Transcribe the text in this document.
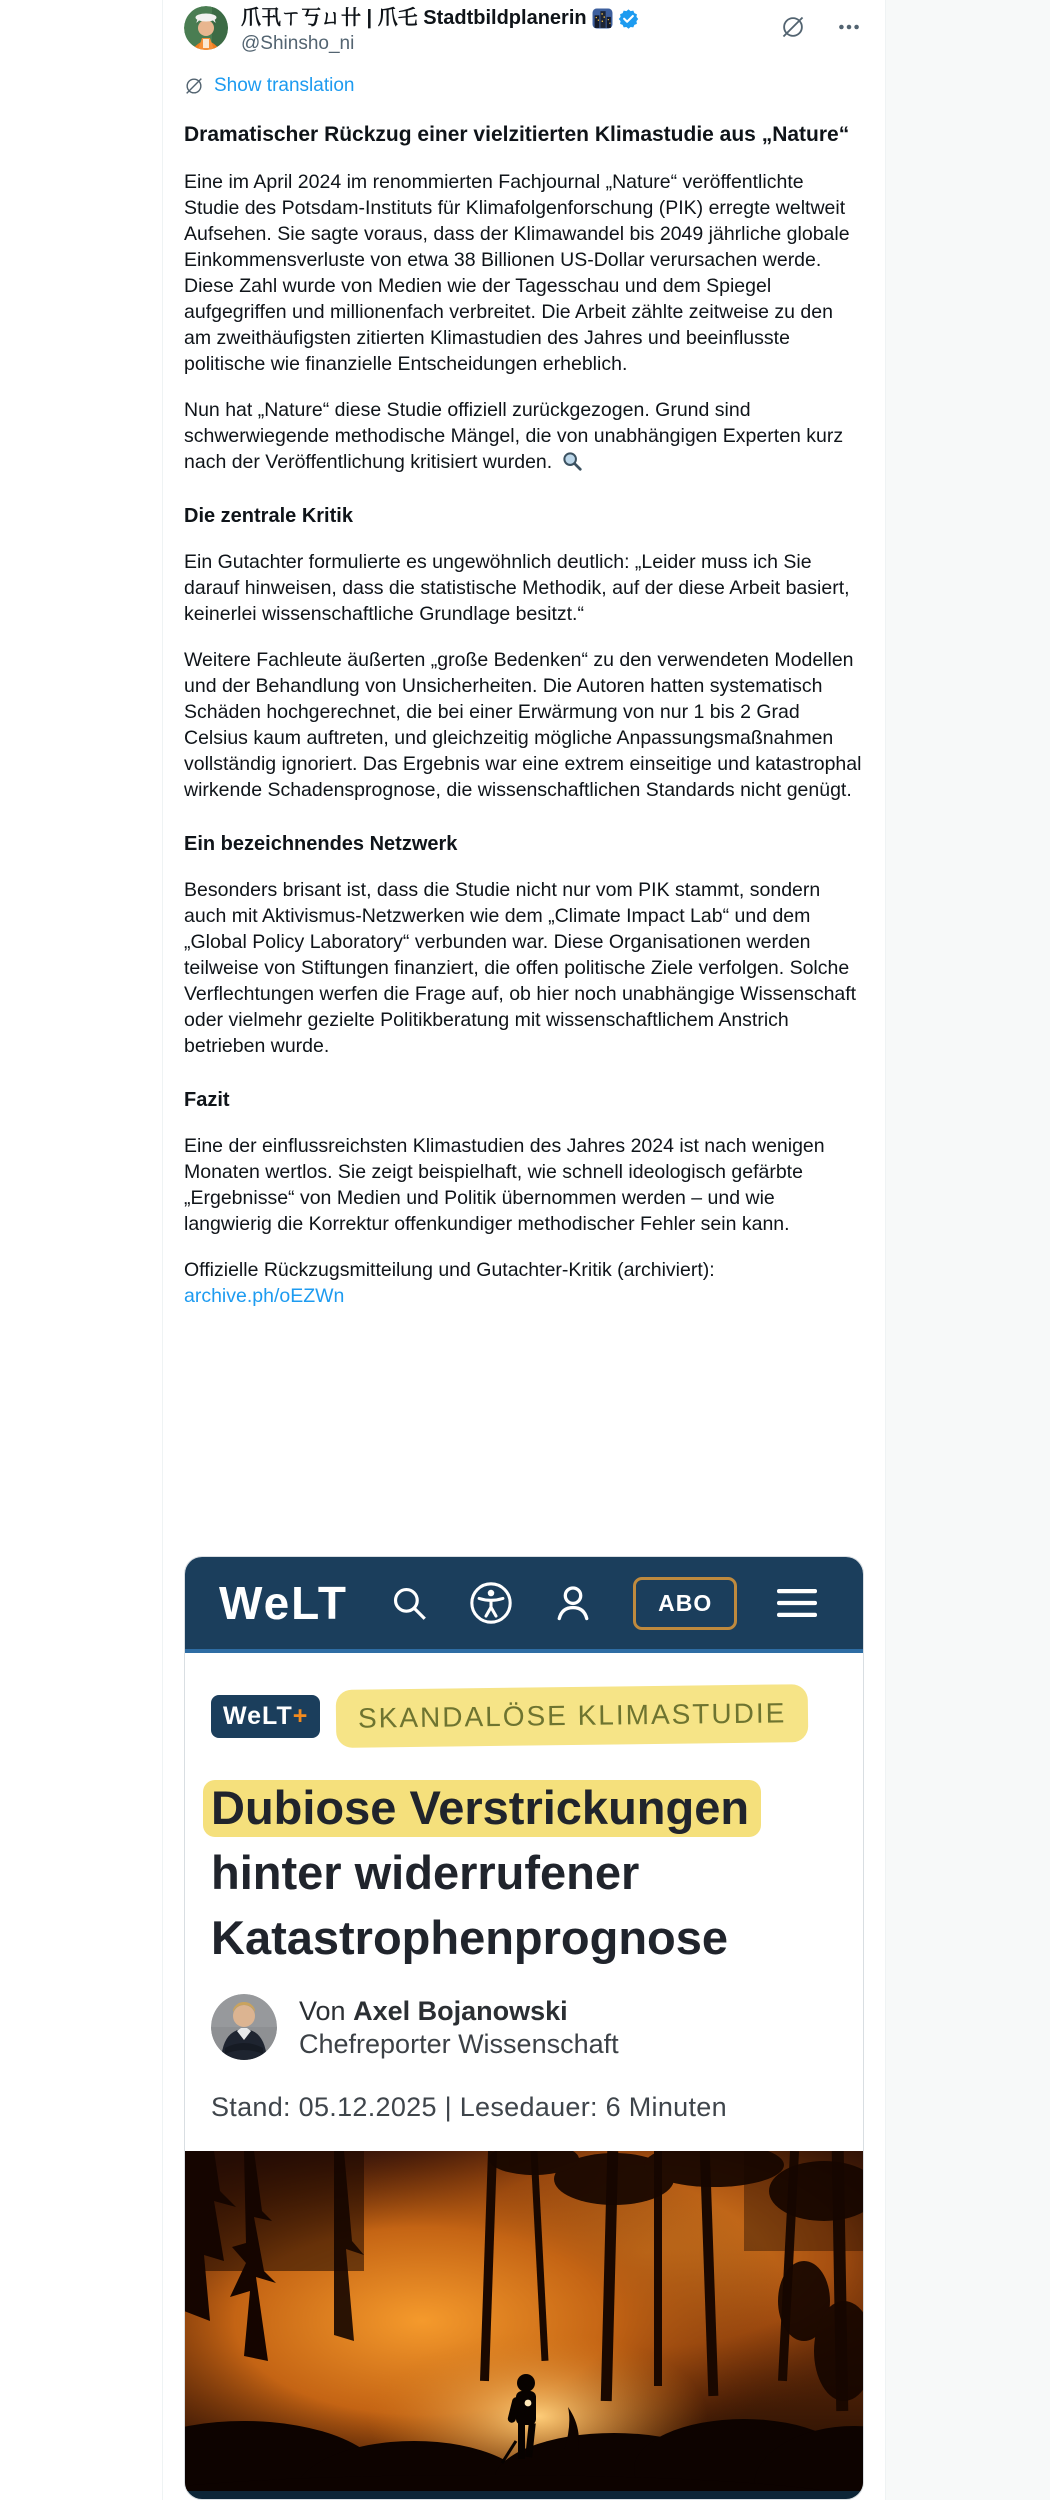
爪卂ㄒ丂ㄩ卄 | 爪乇 Stadtbildplanerin
@Shinsho_ni
Show translation
Dramatischer Rückzug einer vielzitierten Klimastudie aus „Nature“

Eine im April 2024 im renommierten Fachjournal „Nature“ veröffentlichte Studie des Potsdam-Instituts für Klimafolgenforschung (PIK) erregte weltweit Aufsehen. Sie sagte voraus, dass der Klimawandel bis 2049 jährliche globale Einkommensverluste von etwa 38 Billionen US-Dollar verursachen werde. Diese Zahl wurde von Medien wie der Tagesschau und dem Spiegel aufgegriffen und millionenfach verbreitet. Die Arbeit zählte zeitweise zu den am zweithäufigsten zitierten Klimastudien des Jahres und beeinflusste politische wie finanzielle Entscheidungen erheblich.

Nun hat „Nature“ diese Studie offiziell zurückgezogen. Grund sind schwerwiegende methodische Mängel, die von unabhängigen Experten kurz nach der Veröffentlichung kritisiert wurden.

Die zentrale Kritik

Ein Gutachter formulierte es ungewöhnlich deutlich: „Leider muss ich Sie darauf hinweisen, dass die statistische Methodik, auf der diese Arbeit basiert, keinerlei wissenschaftliche Grundlage besitzt.“

Weitere Fachleute äußerten „große Bedenken“ zu den verwendeten Modellen und der Behandlung von Unsicherheiten. Die Autoren hatten systematisch Schäden hochgerechnet, die bei einer Erwärmung von nur 1 bis 2 Grad Celsius kaum auftreten, und gleichzeitig mögliche Anpassungsmaßnahmen vollständig ignoriert. Das Ergebnis war eine extrem einseitige und katastrophal wirkende Schadensprognose, die wissenschaftlichen Standards nicht genügt.

Ein bezeichnendes Netzwerk

Besonders brisant ist, dass die Studie nicht nur vom PIK stammt, sondern auch mit Aktivismus-Netzwerken wie dem „Climate Impact Lab“ und dem „Global Policy Laboratory“ verbunden war. Diese Organisationen werden teilweise von Stiftungen finanziert, die offen politische Ziele verfolgen. Solche Verflechtungen werfen die Frage auf, ob hier noch unabhängige Wissenschaft oder vielmehr gezielte Politikberatung mit wissenschaftlichem Anstrich betrieben wurde.

Fazit

Eine der einflussreichsten Klimastudien des Jahres 2024 ist nach wenigen Monaten wertlos. Sie zeigt beispielhaft, wie schnell ideologisch gefärbte „Ergebnisse“ von Medien und Politik übernommen werden – und wie langwierig die Korrektur offenkundiger methodischer Fehler sein kann.

Offizielle Rückzugsmitteilung und Gutachter-Kritik (archiviert):
archive.ph/oEZWn

WeLT	ABO
WeLT+	SKANDALÖSE KLIMASTUDIE
Dubiose Verstrickungen
hinter widerrufener
Katastrophenprognose
Von Axel Bojanowski
Chefreporter Wissenschaft
Stand: 05.12.2025 | Lesedauer: 6 Minuten
